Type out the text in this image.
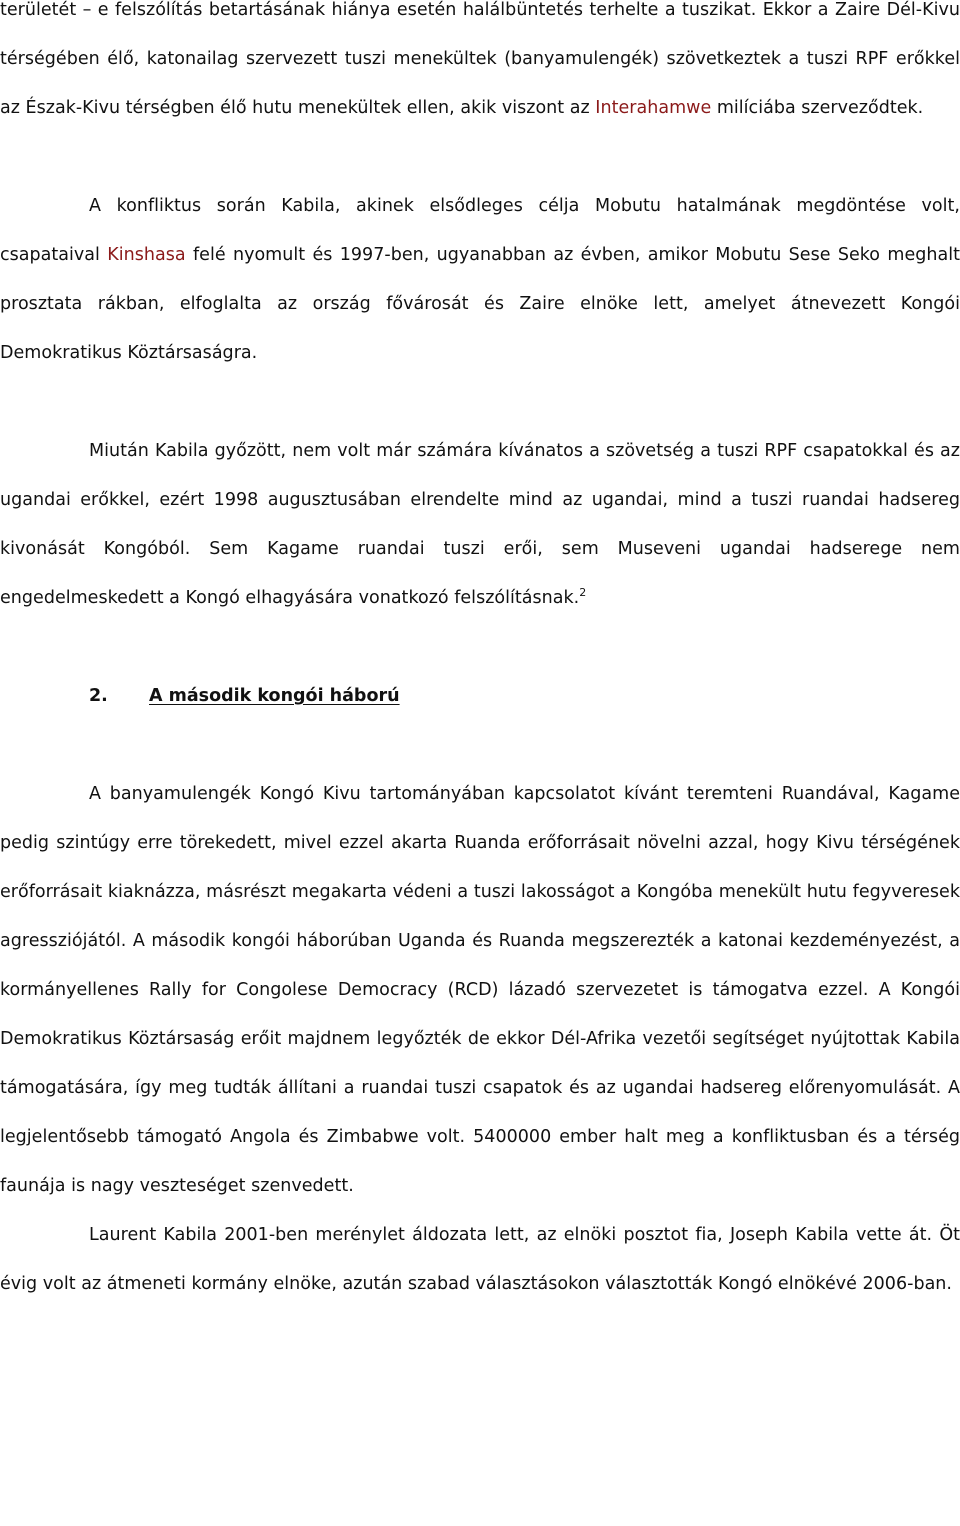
területét – e felszólítás betartásának hiánya esetén halálbüntetés terhelte a tuszikat. Ekkor a Zaire Dél-Kivu térségében élő, katonailag szervezett tuszi menekültek (banyamulengék) szövetkeztek a tuszi RPF erőkkel az Észak-Kivu térségben élő hutu menekültek ellen, akik viszont az Interahamwe milíciába szerveződtek.

A konfliktus során Kabila, akinek elsődleges célja Mobutu hatalmának megdöntése volt, csapataival Kinshasa felé nyomult és 1997-ben, ugyanabban az évben, amikor Mobutu Sese Seko meghalt prosztata rákban, elfoglalta az ország fővárosát és Zaire elnöke lett, amelyet átnevezett Kongói Demokratikus Köztársaságra.

Miután Kabila győzött, nem volt már számára kívánatos a szövetség a tuszi RPF csapatokkal és az ugandai erőkkel, ezért 1998 augusztusában elrendelte mind az ugandai, mind a tuszi ruandai hadsereg kivonását Kongóból. Sem Kagame ruandai tuszi erői, sem Museveni ugandai hadserege nem engedelmeskedett a Kongó elhagyására vonatkozó felszólításnak.$^2$

2. A második kongói háború

A banyamulengék Kongó Kivu tartományában kapcsolatot kívánt teremteni Ruandával, Kagame pedig szintúgy erre törekedett, mivel ezzel akarta Ruanda erőforrásait növelni azzal, hogy Kivu térségének erőforrásait kiaknázza, másrészt megakarta védeni a tuszi lakosságot a Kongóba menekült hutu fegyveresek agressziójától. A második kongói háborúban Uganda és Ruanda megszerezték a katonai kezdeményezést, a kormányellenes Rally for Congolese Democracy (RCD) lázadó szervezetet is támogatva ezzel. A Kongói Demokratikus Köztársaság erőit majdnem legyőzték de ekkor Dél-Afrika vezetői segítséget nyújtottak Kabila támogatására, így meg tudták állítani a ruandai tuszi csapatok és az ugandai hadsereg előrenyomulását. A legjelentősebb támogató Angola és Zimbabwe volt. 5400000 ember halt meg a konfliktusban és a térség faunája is nagy veszteséget szenvedett.

Laurent Kabila 2001-ben merénylet áldozata lett, az elnöki posztot fia, Joseph Kabila vette át. Öt évig volt az átmeneti kormány elnöke, azután szabad választásokon választották Kongó elnökévé 2006-ban.
